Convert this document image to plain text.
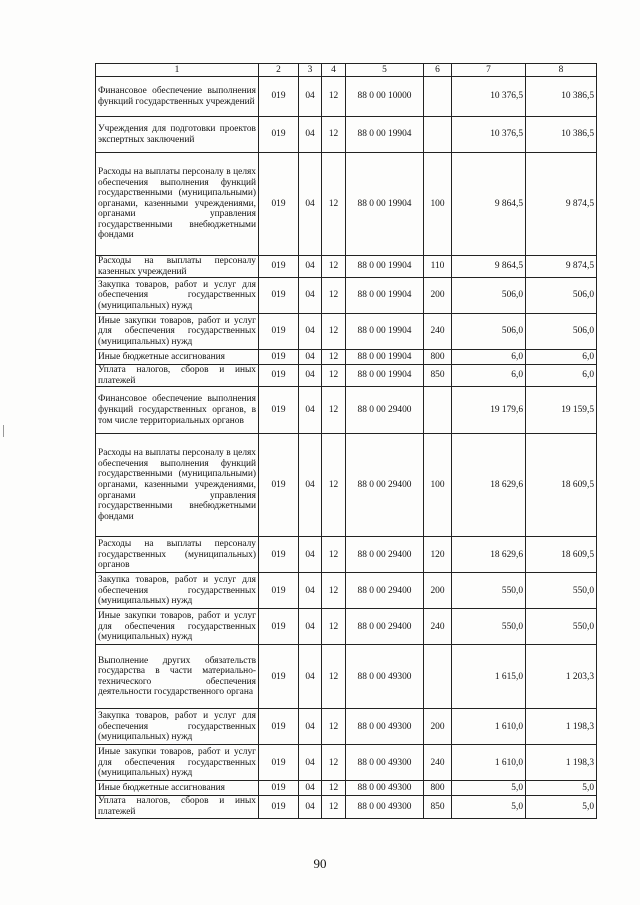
1	2	3	4	5	6	7	8
Финансовое обеспечение выполнения функций государственных учреждений	019	04	12	88 0 00 10000		10 376,5	10 386,5
Учреждения для подготовки проектов экспертных заключений	019	04	12	88 0 00 19904		10 376,5	10 386,5
Расходы на выплаты персоналу в целях обеспечения выполнения функций государственными (муниципальными) органами, казенными учреждениями, органами управления государственными внебюджетными фондами	019	04	12	88 0 00 19904	100	9 864,5	9 874,5
Расходы на выплаты персоналу казенных учреждений	019	04	12	88 0 00 19904	110	9 864,5	9 874,5
Закупка товаров, работ и услуг для обеспечения государственных (муниципальных) нужд	019	04	12	88 0 00 19904	200	506,0	506,0
Иные закупки товаров, работ и услуг для обеспечения государственных (муниципальных) нужд	019	04	12	88 0 00 19904	240	506,0	506,0
Иные бюджетные ассигнования	019	04	12	88 0 00 19904	800	6,0	6,0
Уплата налогов, сборов и иных платежей	019	04	12	88 0 00 19904	850	6,0	6,0
Финансовое обеспечение выполнения функций государственных органов, в том числе территориальных органов	019	04	12	88 0 00 29400		19 179,6	19 159,5
Расходы на выплаты персоналу в целях обеспечения выполнения функций государственными (муниципальными) органами, казенными учреждениями, органами управления государственными внебюджетными фондами	019	04	12	88 0 00 29400	100	18 629,6	18 609,5
Расходы на выплаты персоналу государственных (муниципальных) органов	019	04	12	88 0 00 29400	120	18 629,6	18 609,5
Закупка товаров, работ и услуг для обеспечения государственных (муниципальных) нужд	019	04	12	88 0 00 29400	200	550,0	550,0
Иные закупки товаров, работ и услуг для обеспечения государственных (муниципальных) нужд	019	04	12	88 0 00 29400	240	550,0	550,0
Выполнение других обязательств государства в части материально-технического обеспечения деятельности государственного органа	019	04	12	88 0 00 49300		1 615,0	1 203,3
Закупка товаров, работ и услуг для обеспечения государственных (муниципальных) нужд	019	04	12	88 0 00 49300	200	1 610,0	1 198,3
Иные закупки товаров, работ и услуг для обеспечения государственных (муниципальных) нужд	019	04	12	88 0 00 49300	240	1 610,0	1 198,3
Иные бюджетные ассигнования	019	04	12	88 0 00 49300	800	5,0	5,0
Уплата налогов, сборов и иных платежей	019	04	12	88 0 00 49300	850	5,0	5,0
90
